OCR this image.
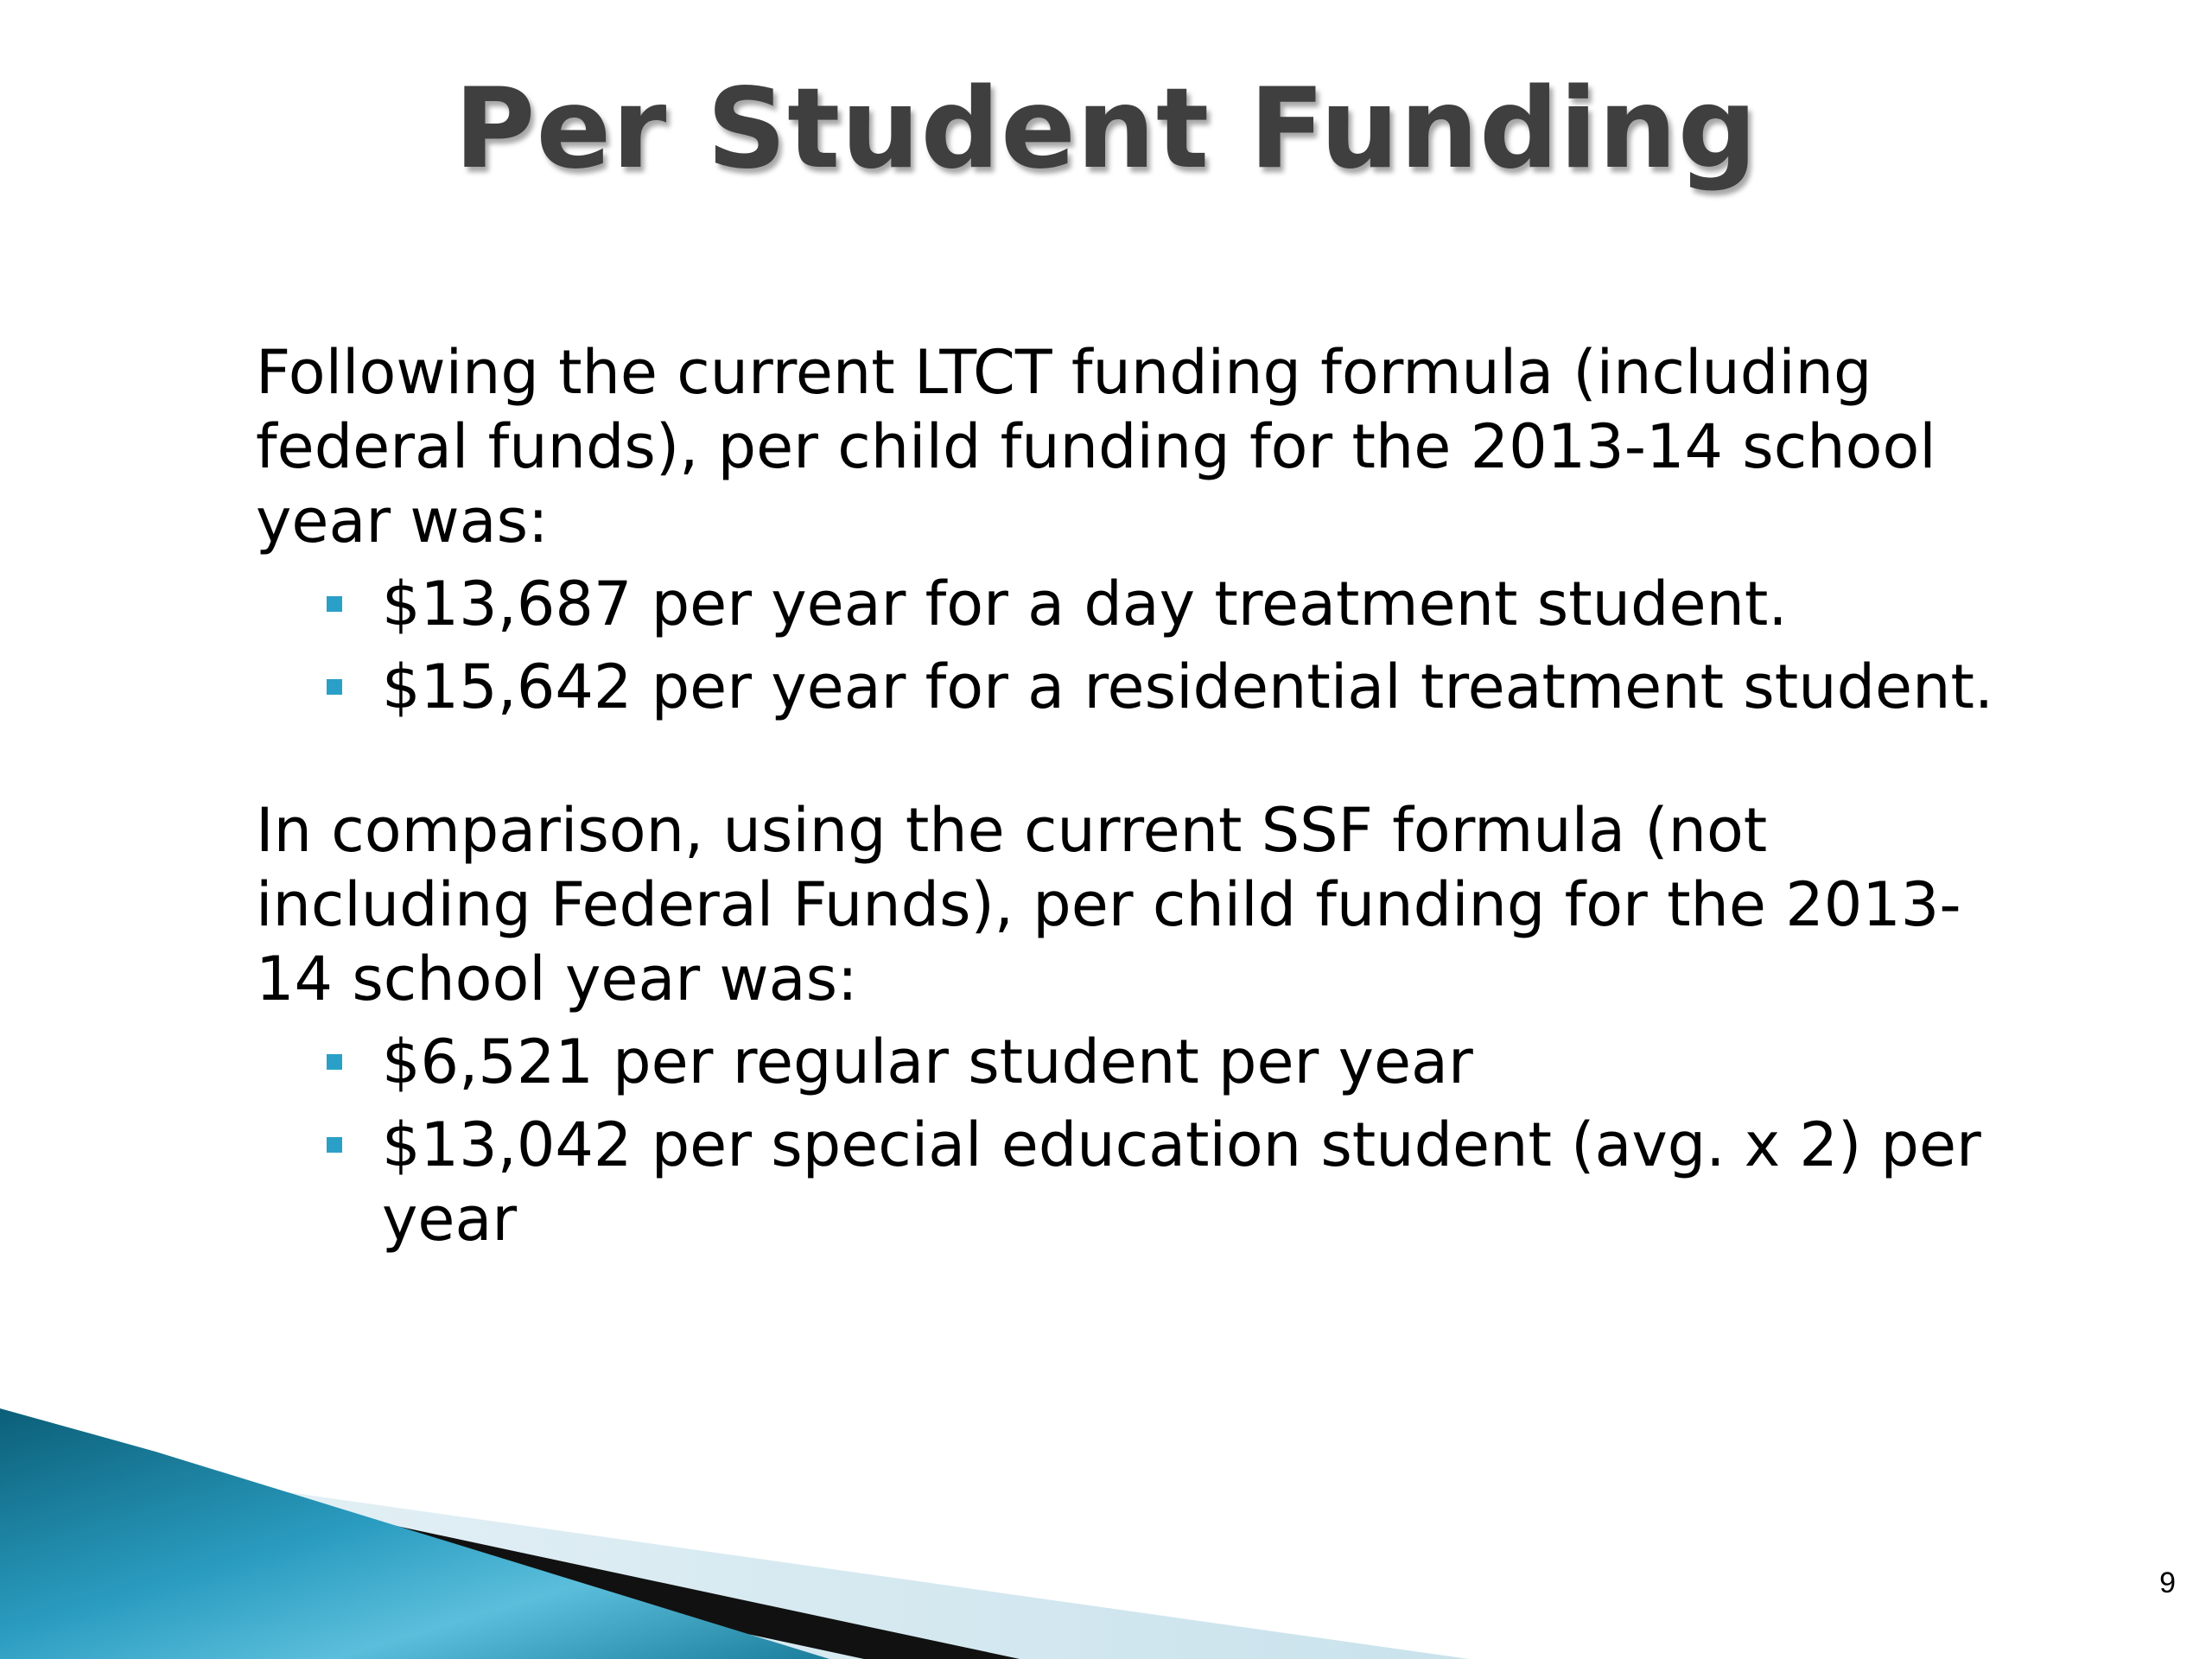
Per Student Funding

Following the current LTCT funding formula (including federal funds), per child funding for the 2013-14 school year was:

$13,687 per year for a day treatment student.
$15,642 per year for a residential treatment student.

In comparison, using the current SSF formula (not including Federal Funds), per child funding for the 2013-14 school year was:

$6,521 per regular student per year
$13,042 per special education student (avg. x 2) per year
9
